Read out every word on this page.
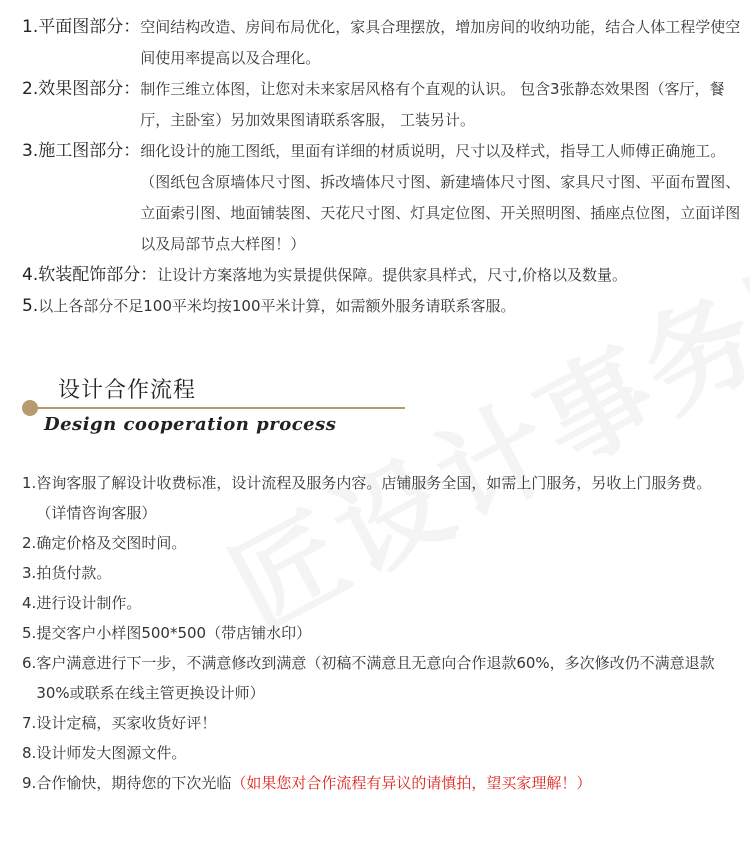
1.平面图部分： 空间结构改造、房间布局优化，家具合理摆放，增加房间的收纳功能，结合人体工程学使空间使用率提高以及合理化。
2.效果图部分： 制作三维立体图，让您对未来家居风格有个直观的认识。 包含3张静态效果图（客厅，餐厅，主卧室）另加效果图请联系客服， 工装另计。
3.施工图部分： 细化设计的施工图纸，里面有详细的材质说明，尺寸以及样式，指导工人师傅正确施工。（图纸包含原墙体尺寸图、拆改墙体尺寸图、新建墙体尺寸图、家具尺寸图、平面布置图、立面索引图、地面铺装图、天花尺寸图、灯具定位图、开关照明图、插座点位图，立面详图以及局部节点大样图！）
4.软装配饰部分： 让设计方案落地为实景提供保障。提供家具样式，尺寸,价格以及数量。
5. 以上各部分不足100平米均按100平米计算，如需额外服务请联系客服。
设计合作流程
Design cooperation process
1. 咨询客服了解设计收费标准，设计流程及服务内容。店铺服务全国，如需上门服务，另收上门服务费。（详情咨询客服）
2. 确定价格及交图时间。
3. 拍货付款。
4. 进行设计制作。
5. 提交客户小样图500*500（带店铺水印）
6. 客户满意进行下一步，不满意修改到满意（初稿不满意且无意向合作退款60%，多次修改仍不满意退款30%或联系在线主管更换设计师）
7. 设计定稿，买家收货好评！
8. 设计师发大图源文件。
9. 合作愉快，期待您的下次光临（如果您对合作流程有异议的请慎拍，望买家理解！）
